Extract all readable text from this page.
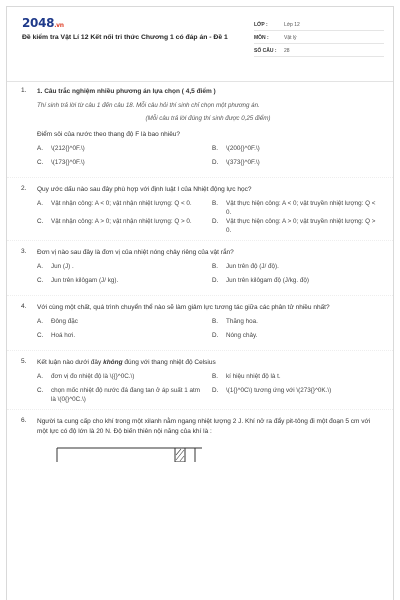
2048.vn
Đề kiểm tra Vật Lí 12 Kết nối tri thức Chương 1 có đáp án - Đề 1
LỚP :	Lớp 12
MÔN :	Vật lý
SỐ CÂU :	28
1. 1. Câu trắc nghiệm nhiều phương án lựa chọn ( 4,5 điểm )
Thí sinh trả lời từ câu 1 đến câu 18. Mỗi câu hỏi thí sinh chỉ chọn một phương án.
(Mỗi câu trả lời đúng thí sinh được 0,25 điểm)
Điểm sôi của nước theo thang độ F là bao nhiêu?
A.	\(212{}^0F.\)	B.	\(200{}^0F.\)
C.	\(173{}^0F.\)	D.	\(373{}^0F.\)
2. Quy ước dấu nào sau đây phù hợp với định luật I của Nhiệt động lực học?
A.	Vật nhận công: A < 0; vật nhận nhiệt lượng: Q < 0.	B.	Vật thực hiện công: A < 0; vật truyền nhiệt lượng: Q < 0.
C.	Vật nhận công: A > 0; vật nhận nhiệt lượng: Q > 0.	D.	Vật thực hiện công: A > 0; vật truyền nhiệt lượng: Q > 0.
3. Đơn vị nào sau đây là đơn vị của nhiệt nóng chảy riêng của vật rắn?
A.	Jun (J) .	B.	Jun trên độ (J/ độ).
C.	Jun trên kilôgam (J/ kg).	D.	Jun trên kilôgam độ (J/kg. độ)
4. Với cùng một chất, quá trình chuyển thể nào sẽ làm giảm lực tương tác giữa các phân tử nhiều nhất?
A.	Đông đặc	B.	Thăng hoa.
C.	Hoá hơi.	D.	Nóng chảy.
5. Kết luận nào dưới đây không đúng với thang nhiệt độ Celsius
A.	đơn vị đo nhiệt độ là \({}^0C.\)	B.	kí hiệu nhiệt độ là t.
C.	chọn mốc nhiệt độ nước đá đang tan ở áp suất 1 atm là \(0{}^0C.\)
D.	\(1{}^0C\) tương ứng với \(273{}^0K.\)
6. Người ta cung cấp cho khí trong một xilanh nằm ngang nhiệt lượng 2 J. Khí nở ra đẩy pit-tông đi một đoạn 5 cm với một lực có độ lớn là 20 N. Độ biến thiên nội năng của khí là :
